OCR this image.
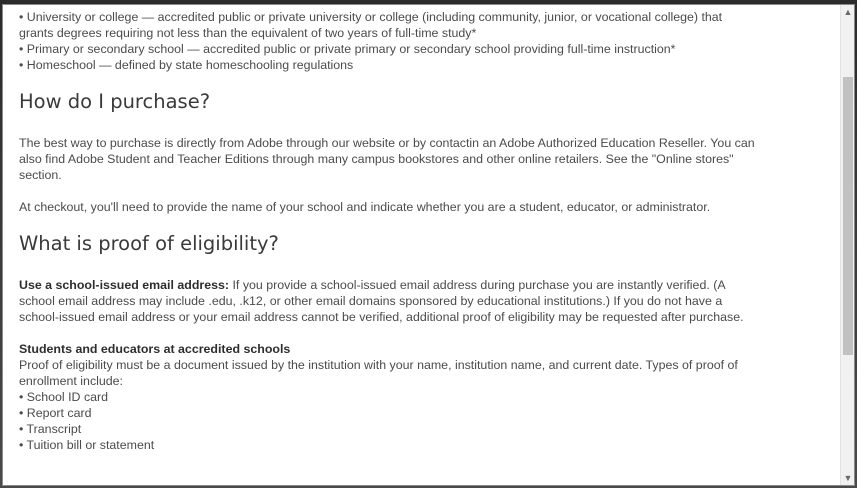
• University or college — accredited public or private university or college (including community, junior, or vocational college) that grants degrees requiring not less than the equivalent of two years of full-time study*

• Primary or secondary school — accredited public or private primary or secondary school providing full-time instruction*

• Homeschool — defined by state homeschooling regulations

How do I purchase?

The best way to purchase is directly from Adobe through our website or by contactin an Adobe Authorized Education Reseller. You can also find Adobe Student and Teacher Editions through many campus bookstores and other online retailers. See the "Online stores" section.

At checkout, you'll need to provide the name of your school and indicate whether you are a student, educator, or administrator.

What is proof of eligibility?

Use a school-issued email address: If you provide a school-issued email address during purchase you are instantly verified. (A school email address may include .edu, .k12, or other email domains sponsored by educational institutions.) If you do not have a school-issued email address or your email address cannot be verified, additional proof of eligibility may be requested after purchase.

Students and educators at accredited schools

Proof of eligibility must be a document issued by the institution with your name, institution name, and current date. Types of proof of enrollment include:

• School ID card

• Report card

• Transcript

• Tuition bill or statement

▲
▼
